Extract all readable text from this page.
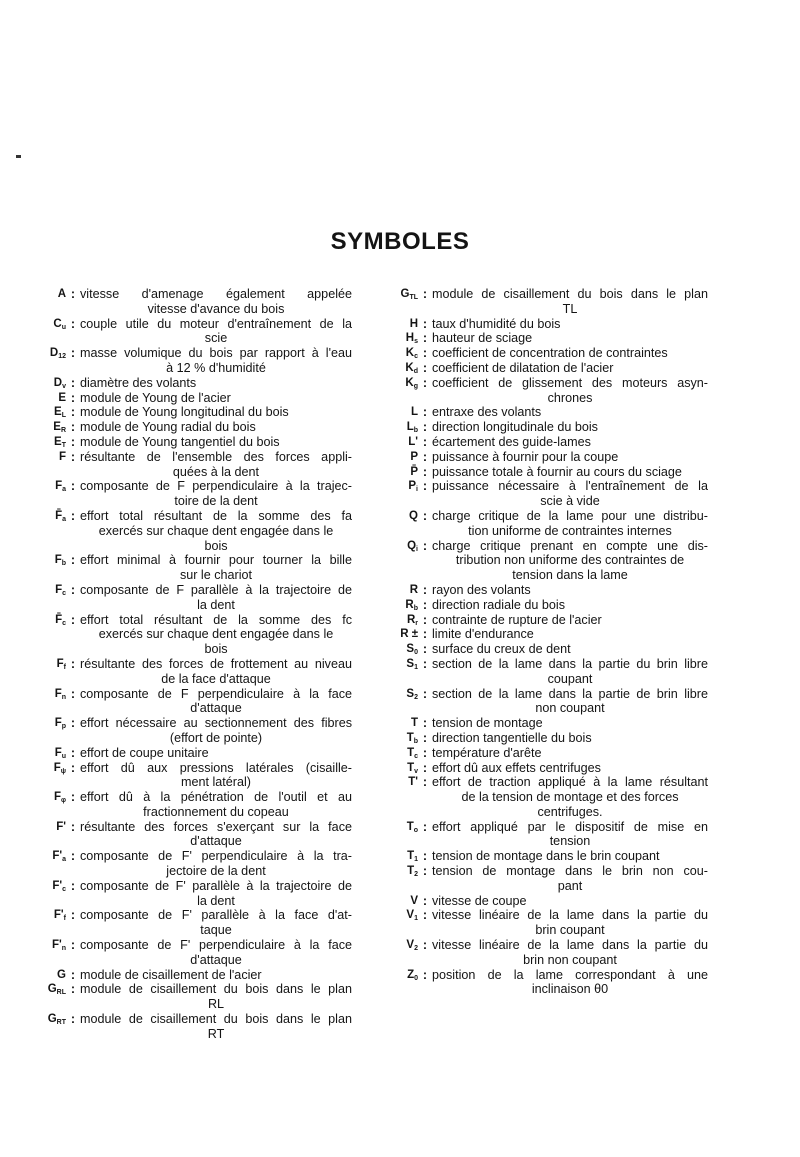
SYMBOLES
A : vitesse d'amenage également appelée
vitesse d'avance du bois
$C_u$ : couple utile du moteur d'entraînement de la
scie
$D_{12}$ : masse volumique du bois par rapport à l'eau
à 12 % d'humidité
$D_v$ : diamètre des volants
E : module de Young de l'acier
$E_L$ : module de Young longitudinal du bois
$E_R$ : module de Young radial du bois
$E_T$ : module de Young tangentiel du bois
F : résultante de l'ensemble des forces appli-
quées à la dent
$F_a$ : composante de F perpendiculaire à la trajec-
toire de la dent
$F̄_a$ : effort total résultant de la somme des fa
exercés sur chaque dent engagée dans le
bois
$F_b$ : effort minimal à fournir pour tourner la bille
sur le chariot
$F_c$ : composante de F parallèle à la trajectoire de
la dent
$F̄_c$ : effort total résultant de la somme des fc
exercés sur chaque dent engagée dans le
bois
$F_f$ : résultante des forces de frottement au niveau
de la face d'attaque
$F_n$ : composante de F perpendiculaire à la face
d'attaque
$F_p$ : effort nécessaire au sectionnement des fibres
(effort de pointe)
$F_u$ : effort de coupe unitaire
$F_\psi$ : effort dû aux pressions latérales (cisaille-
ment latéral)
$F_\varphi$ : effort dû à la pénétration de l'outil et au
fractionnement du copeau
F' : résultante des forces s'exerçant sur la face
d'attaque
$F'_a$ : composante de F' perpendiculaire à la tra-
jectoire de la dent
$F'_c$ : composante de F' parallèle à la trajectoire de
la dent
$F'_f$ : composante de F' parallèle à la face d'at-
taque
$F'_n$ : composante de F' perpendiculaire à la face
d'attaque
G : module de cisaillement de l'acier
$G_{RL}$ : module de cisaillement du bois dans le plan
RL
$G_{RT}$ : module de cisaillement du bois dans le plan
RT
$G_{TL}$ : module de cisaillement du bois dans le plan
TL
H : taux d'humidité du bois
$H_s$ : hauteur de sciage
$K_c$ : coefficient de concentration de contraintes
$K_d$ : coefficient de dilatation de l'acier
$K_g$ : coefficient de glissement des moteurs asyn-
chrones
L : entraxe des volants
$L_b$ : direction longitudinale du bois
L' : écartement des guide-lames
P : puissance à fournir pour la coupe
P̄ : puissance totale à fournir au cours du sciage
$P_i$ : puissance nécessaire à l'entraînement de la
scie à vide
Q : charge critique de la lame pour une distribu-
tion uniforme de contraintes internes
$Q_i$ : charge critique prenant en compte une dis-
tribution non uniforme des contraintes de
tension dans la lame
R : rayon des volants
$R_b$ : direction radiale du bois
$R_r$ : contrainte de rupture de l'acier
R ± : limite d'endurance
$S_0$ : surface du creux de dent
$S_1$ : section de la lame dans la partie du brin libre
coupant
$S_2$ : section de la lame dans la partie de brin libre
non coupant
T : tension de montage
$T_b$ : direction tangentielle du bois
$T_c$ : température d'arête
$T_v$ : effort dû aux effets centrifuges
T' : effort de traction appliqué à la lame résultant
de la tension de montage et des forces
centrifuges.
$T_o$ : effort appliqué par le dispositif de mise en
tension
$T_1$ : tension de montage dans le brin coupant
$T_2$ : tension de montage dans le brin non cou-
pant
V : vitesse de coupe
$V_1$ : vitesse linéaire de la lame dans la partie du
brin coupant
$V_2$ : vitesse linéaire de la lame dans la partie du
brin non coupant
$Z_0$ : position de la lame correspondant à une
inclinaison θ0
